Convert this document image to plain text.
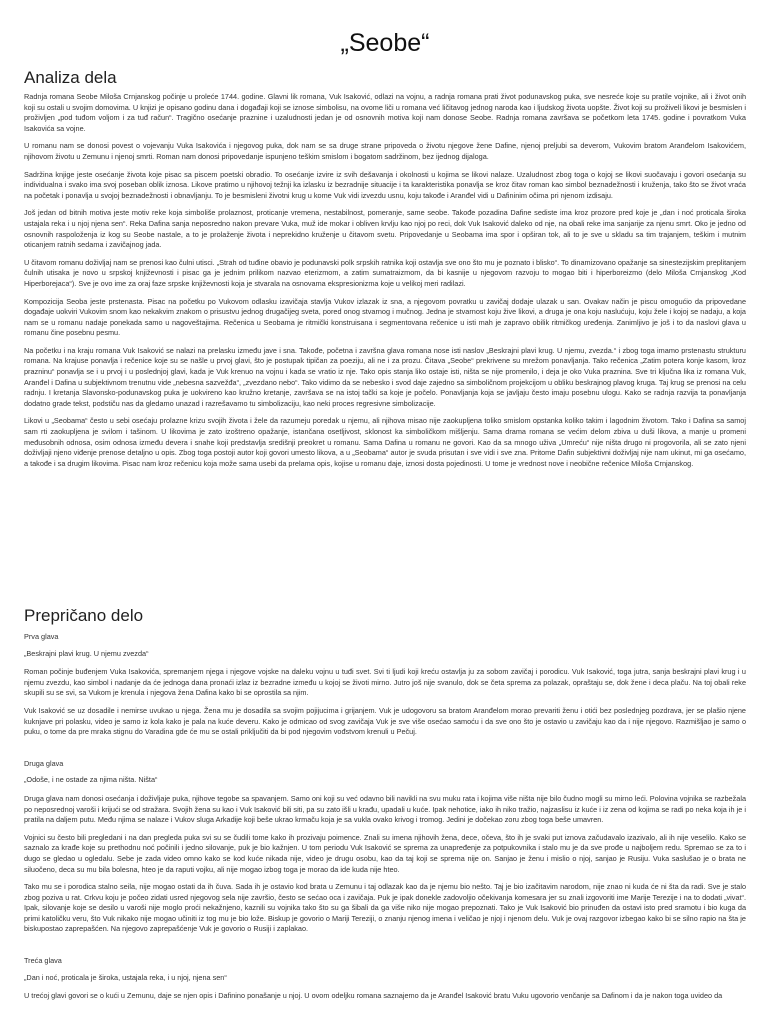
„Seobe“
Analiza dela

Radnja romana Seobe Miloša Crnjanskog počinje u proleće 1744. godine. Glavni lik romana, Vuk Isaković, odlazi na vojnu, a radnja romana prati život podunavskog puka, sve nesreće koje su pratile vojnike, ali i život onih koji su ostali u svojim domovima. U knjizi je opisano godinu dana i događaji koji se iznose simbolisu, na ovome liči u romana već ličitavog jednog naroda kao i ljudskog života uopšte. Život koji su proživeli likovi je besmislen i proživljen „pod tuđom voljom i za tuđ račun“. Tragično osećanje praznine i uzaludnosti jedan je od osnovnih motiva koji nam donose Seobe. Radnja romana završava se početkom leta 1745. godine i povratkom Vuka Isakovića sa vojne.

U romanu nam se donosi povest o vojevanju Vuka Isakovića i njegovog puka, dok nam se sa druge strane pripoveda o životu njegove žene Dafine, njenoj preljubi sa deverom, Vukovim bratom Aranđelom Isakovićem, njihovom životu u Zemunu i njenoj smrti. Roman nam donosi pripovedanje ispunjeno teškim smislom i bogatom sadržinom, bez ijednog dijaloga.

Sadržina knjige jeste osećanje života koje pisac sa piscem poetski obradio. To osećanje izvire iz svih dešavanja i okolnosti u kojima se likovi nalaze. Uzaludnost zbog toga o kojoj se likovi suočavaju i govori osećanja su individualna i svako ima svoj poseban oblik iznosa. Likove pratimo u njihovoj težnji ka izlasku iz bezradnije situacije i ta karakteristika ponavlja se kroz čitav roman kao simbol beznadežnosti i kruženja, tako što se život vraća na početak i ponavlja u svojoj beznadežnosti i obnavljanju. To je besmisleni životni krug u kome Vuk vidi izvezdu usnu, koju takođe i Aranđel vidi u Dafininim očima pri njenom izdisaju.

Još jedan od bitnih motiva jeste motiv reke koja simboliše prolaznost, proticanje vremena, nestabilnost, pomeranje, same seobe. Takođe pozadina Dafine sediste ima kroz prozore pred koje je „dan i noć proticala široka ustajala reka i u njoj njena sen“. Reka Dafina sanja neposredno nakon prevare Vuka, muž ide mokar i obliven krvlju kao njoj po reci, dok Vuk Isaković daleko od nje, na obali reke ima sanjarije za njenu smrt. Oko je jedno od osnovnih raspoloženja iz kog su Seobe nastale, a to je prolaženje života i neprekidno kruženje u čitavom svetu. Pripovedanje u Seobama ima spor i opširan tok, ali to je sve u skladu sa tim trajanjem, teškim i mutnim oticanjem ratnih sedama i zavičajnog jada.

U čitavom romanu doživljaj nam se prenosi kao čulni utisci. „Strah od tuđine obavio je podunavski polk srpskih ratnika koji ostavlja sve ono što mu je poznato i blisko“. To dinamizovano opažanje sa sinestezijskim preplitanjem čulnih utisaka je novo u srpskoj književnosti i pisac ga je jednim prilikom nazvao eterizmom, a zatim sumatraizmom, da bi kasnije u njegovom razvoju to mogao biti i hiperboreizmo (delo Miloša Crnjanskog „Kod Hiperborejaca“). Sve je ovo ime za oraj faze srpske književnosti koja je stvarala na osnovama ekspresionizma koje u velikoj meri radilazi.

Kompozicija Seoba jeste prstenasta. Pisac na početku po Vukovom odlasku izavičaja stavlja Vukov izlazak iz sna, a njegovom povratku u zavičaj dodaje ulazak u san. Ovakav način je piscu omogućio da pripovedane događaje uokviri Vukovim snom kao nekakvim znakom o prisustvu jednog drugačijeg sveta, pored onog stvarnog i mučnog. Jedna je stvarnost koju žive likovi, a druga je ona koju naslućuju, koju žele i kojoj se nadaju, a koja nam se u romanu nadaje ponekada samo u nagoveštajima. Rečenica u Seobama je ritmički konstruisana i segmentovana rečenice u isti mah je zapravo obilik ritmičkog uređenja. Zanimljivo je još i to da naslovi glava u romanu čine posebnu pesmu.

Na početku i na kraju romana Vuk Isaković se nalazi na prelasku između jave i sna. Takođe, početna i završna glava romana nose isti naslov „Beskrajni plavi krug. U njemu, zvezda.“ i zbog toga imamo prstenastu strukturu romana. Na krajuse ponavlja i rečenice koje su se našle u prvoj glavi, što je postupak tipičan za poeziju, ali ne i za prozu. Čitava „Seobe“ prekrivene su mrežom ponavljanja. Tako rečenica „Zatim potera konje kasom, kroz prazninu“ ponavlja se i u prvoj i u poslednjoj glavi, kada je Vuk krenuo na vojnu i kada se vratio iz nje. Tako opis stanja liko ostaje isti, ništa se nije promenilo, i deja je oko Vuka praznina. Sve tri ključna lika iz romana Vuk, Aranđel i Dafina u subjektivnom trenutnu vide „nebesna sazvežđa“, „zvezdano nebo“. Tako vidimo da se nebesko i svod daje zajedno sa simboličnom projekcijom u obliku beskrajnog plavog kruga. Taj krug se prenosi na celu radnju. I kretanja Slavonsko-podunavskog puka je uokvireno kao kružno kretanje, završava se na istoj tački sa koje je počelo. Ponavljanja koja se javljaju često imaju posebnu ulogu. Kako se radnja razvija ta ponavljanja dodatno grade tekst, podstiču nas da gledamo unazad i razrešavamo tu simbolizaciju, kao neki proces regresivne simbolizacije.

Likovi u „Seobama“ često u sebi osećaju prolazne krizu svojih života i žele da razumeju poredak u njemu, ali njihova misao nije zaokupljena toliko smislom opstanka koliko takim i lagodnim životom. Tako i Dafina sa samoj sam rti zaokupljena je svilom i tašinom. U likovima je zato izoštreno opažanje, istančana osetljivost, sklonost ka simboličkom mišljenju. Sama drama romana se većim delom zbiva u duši likova, a manje u promeni međusobnih odnosa, osim odnosa između devera i snahe koji predstavlja središnji preokret u romanu. Sama Dafina u romanu ne govori. Kao da sa mnogo uživa „Umreću“ nije ništa drugo ni progovorila, ali se zato njeni doživljaji njeno viđenje prenose detaljno u opis. Zbog toga postoji autor koji govori umesto likova, a u „Seobama“ autor je svuda prisutan i sve vidi i sve zna. Pritome Dafin subjektivni doživljaj nije nam ukinut, mi ga osećamo, a takođe i sa drugim likovima. Pisac nam kroz rečenicu koja može sama usebi da prelama opis, kojise u romanu daje, iznosi dosta pojedinosti. U tome je vrednost nove i neobične rečenice Miloša Crnjanskog.

Prepričano delo

Prva glava

„Beskrajni plavi krug. U njemu zvezda“

Roman počinje buđenjem Vuka Isakovića, spremanjem njega i njegove vojske na daleku vojnu u tuđi svet. Svi ti ljudi koji kreću ostavlja ju za sobom zavičaj i porodicu. Vuk Isaković, toga jutra, sanja beskrajni plavi krug i u njemu zvezdu, kao simbol i nadanje da će jednoga dana pronaći izlaz iz bezradne između u kojoj se životi mirno. Jutro još nije svanulo, dok se četa sprema za polazak, opraštaju se, dok žene i deca plaču. Na toj obali reke skupili su se svi, sa Vukom je krenula i njegova žena Dafina kako bi se oprostila sa njim.

Vuk Isaković se uz dosadile i nemirse uvukao u njega. Žena mu je dosadila sa svojim pojijucima i grijanjem. Vuk je udogovoru sa bratom Aranđelom morao prevariti ženu i otići bez poslednjeg pozdrava, jer se plašio njene kuknjave pri polasku, video je samo iz kola kako je pala na kuće deveru. Kako je odmicao od svog zavičaja Vuk je sve više osećao samoću i da sve ono što je ostavio u zavičaju kao da i nije njegovo. Razmišljao je samo o puku, o tome da pre mraka stignu do Varadina gde će mu se ostali priključiti da bi pod njegovim vođstvom krenuli u Pečuj.

Druga glava

„Odoše, i ne ostade za njima ništa. Ništa“

Druga glava nam donosi osećanja i doživljaje puka, njihove tegobe sa spavanjem. Samo oni koji su već odavno bili navikli na svu muku rata i kojima više ništa nije bilo čudno mogli su mirno leći. Polovina vojnika se razbežala po neposrednoj varoši i krijući se od stražara. Svojih žena su kao i Vuk Isaković bili siti, pa su zato išli u krađu, upadali u kuće. Ipak nehotice, iako ih niko tražio, najzaslisu iz kuće i iz zena od kojima se radi po neka koja ih je i pratila na daljem putu. Među njima se nalaze i Vukov sluga Arkadije koji beše ukrao krmaču koja je sa vukla ovako krivog i tromog. Jedini je dočekao zoru zbog toga beše umavren.

Vojnici su često bili pregledani i na dan pregleda puka svi su se čudili tome kako ih prozivaju poimence. Znali su imena njihovih žena, dece, očeva, što ih je svaki put iznova začudavalo izazivalo, ali ih nije veselilo. Kako se saznalo za krađe koje su prethodnu noć počinili i jedno silovanje, puk je bio kažnjen. U tom periodu Vuk Isaković se sprema za unapređenje za potpukovnika i stalo mu je da sve prođe u najboljem redu. Spremao se za to i dugo se gledao u ogledalu. Sebe je zada video omno kako se kod kuće nikada nije, video je drugu osobu, kao da taj koji se sprema nije on. Sanjao je ženu i mislio o njoj, sanjao je Rusiju. Vuka saslušao je o brata ne siluočeno, deca su mu bila bolesna, hteo je da raputi vojku, ali nije mogao izbog toga je morao da ide kuda nije hteo.

Tako mu se i porodica stalno seila, nije mogao ostati da ih čuva. Sada ih je ostavio kod brata u Zemunu i taj odlazak kao da je njemu bio nešto. Taj je bio izačitavim narodom, nije znao ni kuda će ni šta da radi. Sve je stalo zbog poziva u rat. Crkvu koju je počeo zidati usred njegovog sela nije završio, često se sećao oca i zavičaja. Puk je ipak donekle zadovoljio očekivanja komesara jer su znali izgovoriti ime Marije Terezije i na to dodati „vivat“. Ipak, silovanje koje se desilo u varoši nije moglo proći nekažnjeno, kaznili su vojnika tako što su ga šibali da ga više niko nije mogao prepoznati. Tako je Vuk Isaković bio prinuđen da ostavi isto pred sramotu i bio kuga da primi katoličku veru, što Vuk nikako nije mogao učiniti iz tog mu je bio lože. Biskup je govorio o Mariji Tereziji, o znanju njenog imena i veličao je njoj i njenom delu. Vuk je ovaj razgovor izbegao kako bi se silno rapio na šta je biskupostao zaprepašćen. Na njegovo zaprepašćenje Vuk je govorio o Rusiji i zaplakao.

Treća glava

„Dan i noć, proticala je široka, ustajala reka, i u njoj, njena sen“

U trećoj glavi govori se o kući u Zemunu, daje se njen opis i Dafinino ponašanje u njoj. U ovom odeljku romana saznajemo da je Aranđel Isaković bratu Vuku ugovorio venčanje sa Dafinom i da je nakon toga uvideo da
